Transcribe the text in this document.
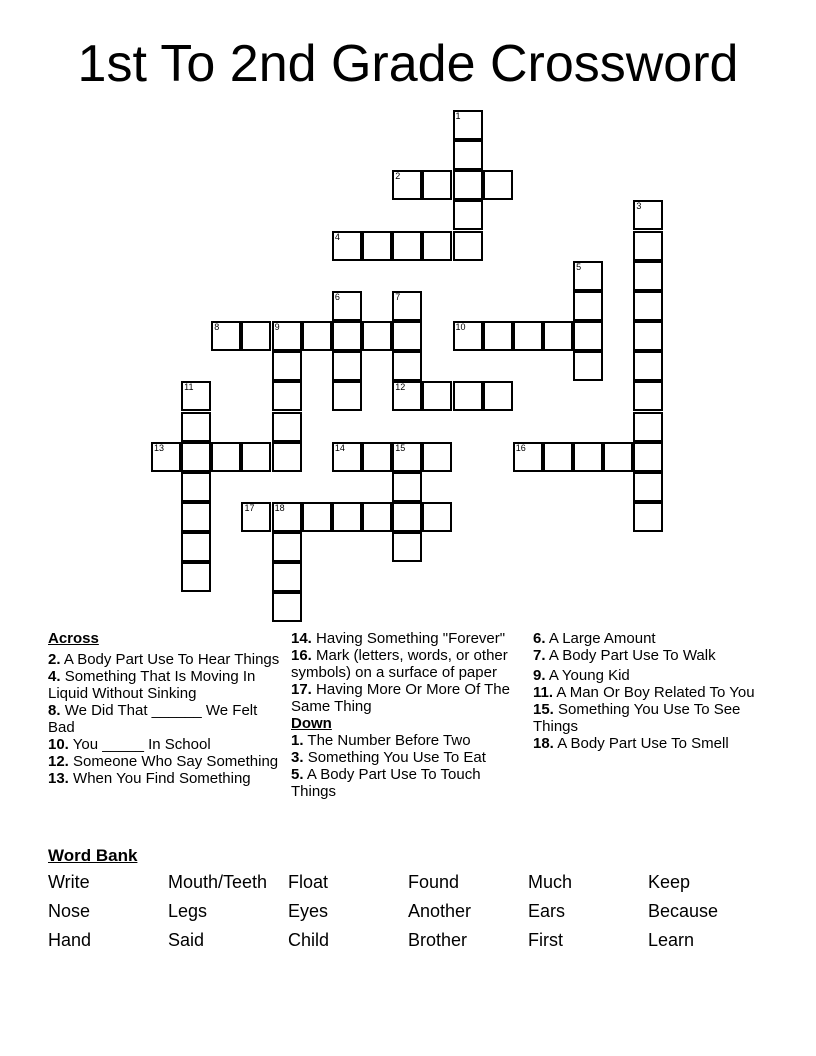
1st To 2nd Grade Crossword
1
2
3
4
5
6	7
8	9	10
11	12
13	14	15	16
17 18
Across
2. A Body Part Use To Hear Things
4. Something That Is Moving In Liquid Without Sinking
8. We Did That ______ We Felt Bad
10. You _____ In School
12. Someone Who Say Something
13. When You Find Something
14. Having Something "Forever"
16. Mark (letters, words, or other symbols) on a surface of paper
17. Having More Or More Of The Same Thing
Down
1. The Number Before Two
3. Something You Use To Eat
5. A Body Part Use To Touch Things
6. A Large Amount
7. A Body Part Use To Walk
9. A Young Kid
11. A Man Or Boy Related To You
15. Something You Use To See Things
18. A Body Part Use To Smell
Word Bank
Write	Mouth/Teeth	Float	Found	Much	Keep
Nose	Legs	Eyes	Another	Ears	Because
Hand	Said	Child	Brother	First	Learn
